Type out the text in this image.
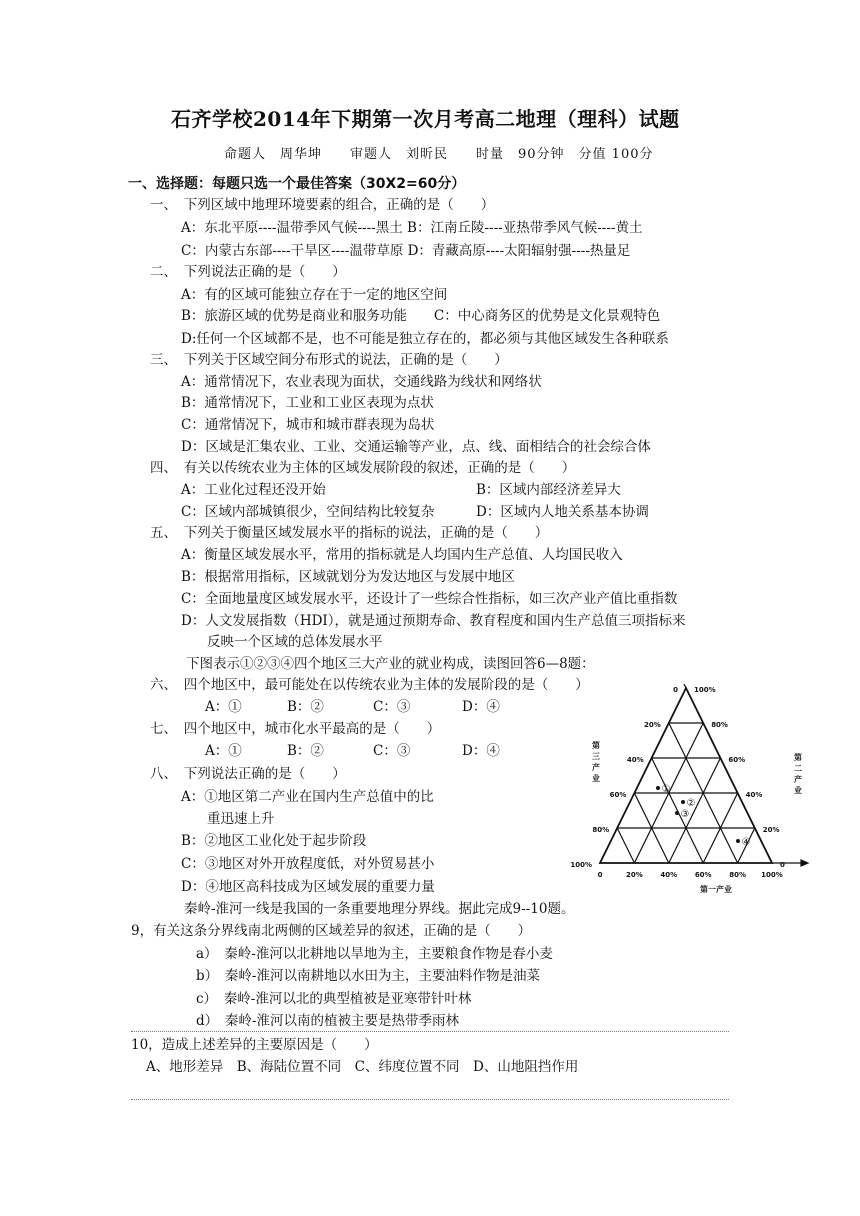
石齐学校2014年下期第一次月考高二地理（理科）试题
命题人　周华坤　　审题人　刘昕民　　时量　90分钟　分值 100分
一、选择题：每题只选一个最佳答案（30X2=60分）
一、　下列区域中地理环境要素的组合，正确的是（　　）
A：东北平原----温带季风气候----黑土 B：江南丘陵----亚热带季风气候----黄土
C：内蒙古东部----干旱区----温带草原 D：青藏高原----太阳辐射强----热量足
二、　下列说法正确的是（　　）
A：有的区域可能独立存在于一定的地区空间
B：旅游区域的优势是商业和服务功能　　C：中心商务区的优势是文化景观特色
D:任何一个区域都不是，也不可能是独立存在的，都必须与其他区域发生各种联系
三、　下列关于区域空间分布形式的说法，正确的是（　　）
A：通常情况下，农业表现为面状，交通线路为线状和网络状
B：通常情况下，工业和工业区表现为点状
C：通常情况下，城市和城市群表现为岛状
D：区域是汇集农业、工业、交通运输等产业，点、线、面相结合的社会综合体
四、　有关以传统农业为主体的区域发展阶段的叙述，正确的是（　　）
A：工业化过程还没开始	B：区域内部经济差异大
C：区域内部城镇很少，空间结构比较复杂	D：区域内人地关系基本协调
五、　下列关于衡量区域发展水平的指标的说法，正确的是（　　）
A：衡量区域发展水平，常用的指标就是人均国内生产总值、人均国民收入
B：根据常用指标，区域就划分为发达地区与发展中地区
C：全面地量度区域发展水平，还设计了一些综合性指标，如三次产业产值比重指数
D：人文发展指数（HDI），就是通过预期寿命、教育程度和国内生产总值三项指标来
反映一个区域的总体发展水平
下图表示①②③④四个地区三大产业的就业构成，读图回答6—8题：
六、　四个地区中，最可能处在以传统农业为主体的发展阶段的是（　　）
A：①	B：②	C：③	D：④
七、　四个地区中，城市化水平最高的是（　　）
A：①	B：②	C：③	D：④
八、　下列说法正确的是（　　）
A：①地区第二产业在国内生产总值中的比
重迅速上升
B：②地区工业化处于起步阶段
C：③地区对外开放程度低，对外贸易甚小
D：④地区高科技成为区域发展的重要力量
0
20%
40%
60%
80%
100%
100%
80%
60%
40%
20%
0
0	20%	40%	60%	80% 100%
①
②
③
④
第
三
产
业
第
二
产
业
第一产业
秦岭-淮河一线是我国的一条重要地理分界线。据此完成9--10题。
9，有关这条分界线南北两侧的区域差异的叙述，正确的是（　　）
a）　秦岭-淮河以北耕地以旱地为主，主要粮食作物是春小麦
b）　秦岭-淮河以南耕地以水田为主，主要油料作物是油菜
c）　秦岭-淮河以北的典型植被是亚寒带针叶林
d）　秦岭-淮河以南的植被主要是热带季雨林
10，造成上述差异的主要原因是（　　）
A、地形差异　B、海陆位置不同　C、纬度位置不同　D、山地阻挡作用
